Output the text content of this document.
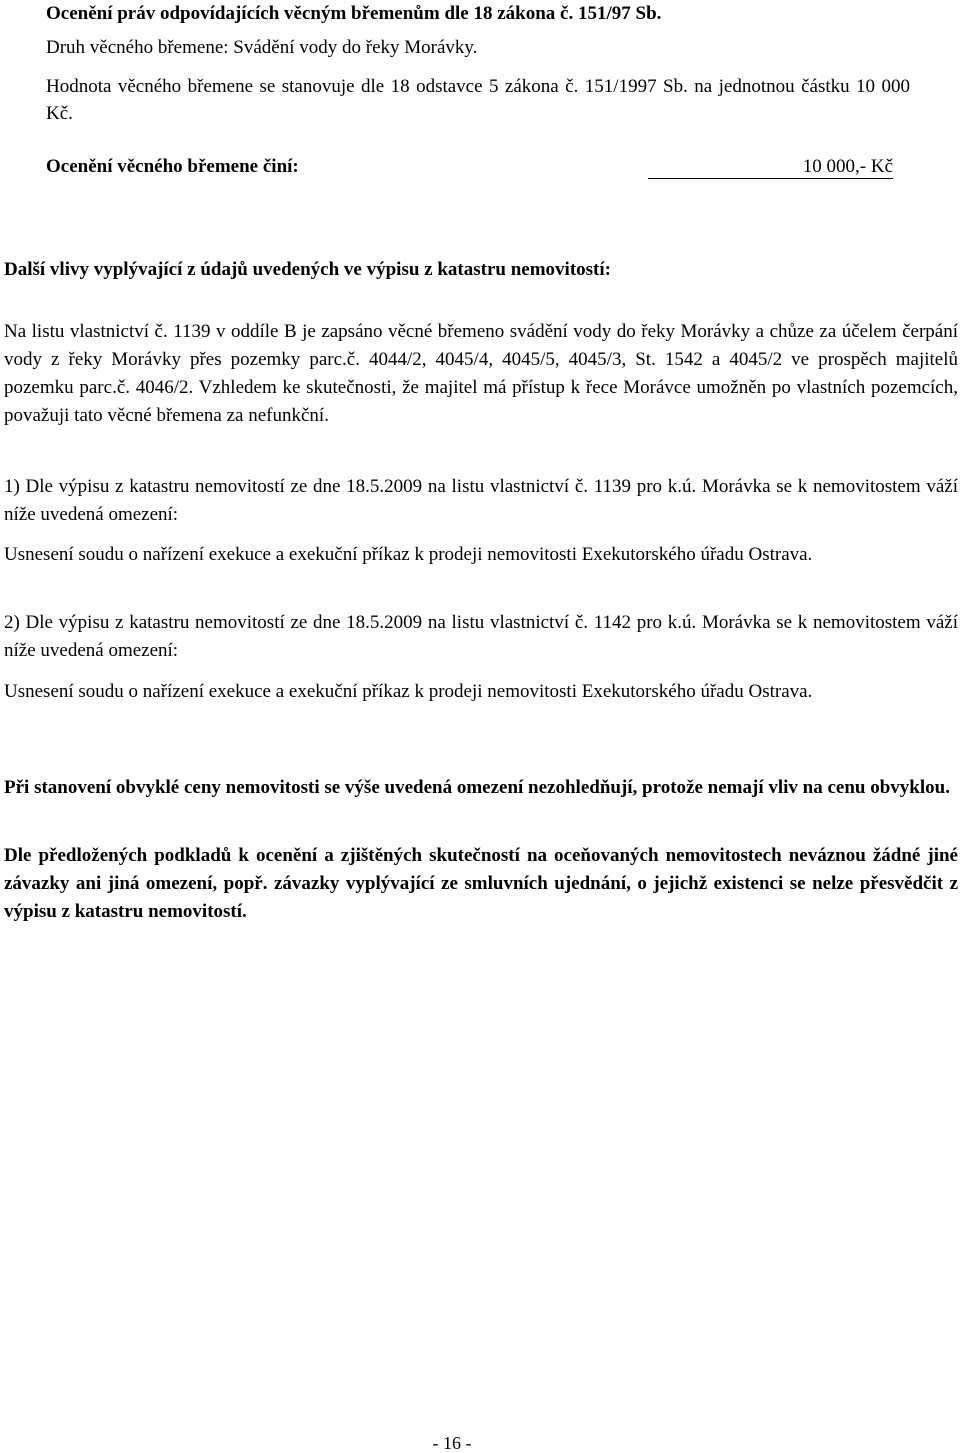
Ocenění práv odpovídajících věcným břemenům dle 18 zákona č. 151/97 Sb.
Druh věcného břemene: Svádění vody do řeky Morávky.
Hodnota věcného břemene se stanovuje dle 18 odstavce 5 zákona č. 151/1997 Sb. na jednotnou částku 10 000 Kč.
Ocenění věcného břemene činí:	10 000,- Kč
Další vlivy vyplývající z údajů uvedených ve výpisu z katastru nemovitostí:
Na listu vlastnictví č. 1139 v oddíle B je zapsáno věcné břemeno svádění vody do řeky Morávky a chůze za účelem čerpání vody z řeky Morávky přes pozemky parc.č. 4044/2, 4045/4, 4045/5, 4045/3, St. 1542 a 4045/2 ve prospěch majitelů pozemku parc.č. 4046/2. Vzhledem ke skutečnosti, že majitel má přístup k řece Morávce umožněn po vlastních pozemcích, považuji tato věcné břemena za nefunkční.
1) Dle výpisu z katastru nemovitostí ze dne 18.5.2009 na listu vlastnictví č. 1139 pro k.ú. Morávka se k nemovitostem váží níže uvedená omezení:
Usnesení soudu o nařízení exekuce a exekuční příkaz k prodeji nemovitosti Exekutorského úřadu Ostrava.
2) Dle výpisu z katastru nemovitostí ze dne 18.5.2009 na listu vlastnictví č. 1142 pro k.ú. Morávka se k nemovitostem váží níže uvedená omezení:
Usnesení soudu o nařízení exekuce a exekuční příkaz k prodeji nemovitosti Exekutorského úřadu Ostrava.
Při stanovení obvyklé ceny nemovitosti se výše uvedená omezení nezohledňují, protože nemají vliv na cenu obvyklou.
Dle předložených podkladů k ocenění a zjištěných skutečností na oceňovaných nemovitostech neváznou žádné jiné závazky ani jiná omezení, popř. závazky vyplývající ze smluvních ujednání, o jejichž existenci se nelze přesvědčit z výpisu z katastru nemovitostí.
- 16 -
